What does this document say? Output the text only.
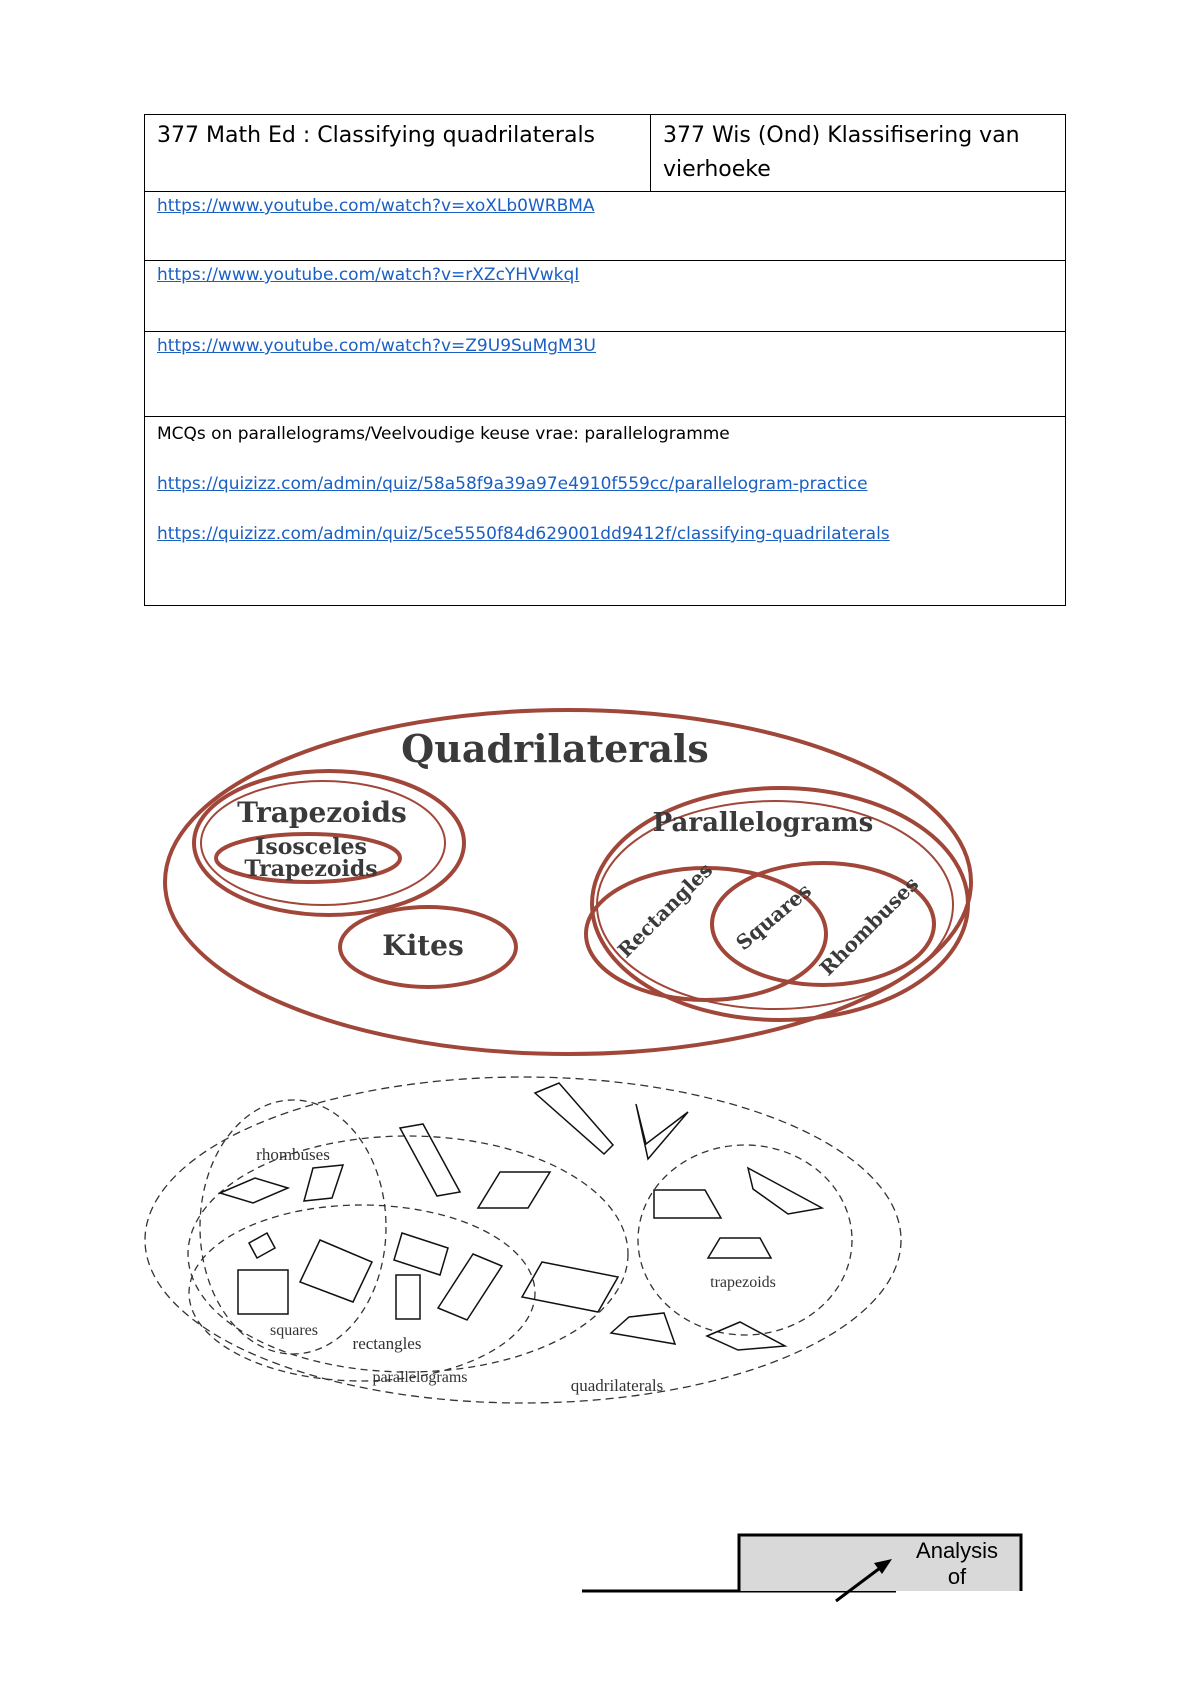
377 Math Ed : Classifying quadrilaterals	377 Wis (Ond) Klassifisering van vierhoeke
https://www.youtube.com/watch?v=xoXLb0WRBMA
https://www.youtube.com/watch?v=rXZcYHVwkqI
https://www.youtube.com/watch?v=Z9U9SuMgM3U

MCQs on parallelograms/Veelvoudige keuse vrae: parallelogramme
https://quizizz.com/admin/quiz/58a58f9a39a97e4910f559cc/parallelogram-practice
https://quizizz.com/admin/quiz/5ce5550f84d629001dd9412f/classifying-quadrilaterals
Quadrilaterals
Trapezoids
Isosceles
Trapezoids
Kites
Parallelograms
Rectangles Squares
Rhombuses
rhombuses
squares
rectangles
parallelograms
trapezoids
quadrilaterals
Analysis
of
